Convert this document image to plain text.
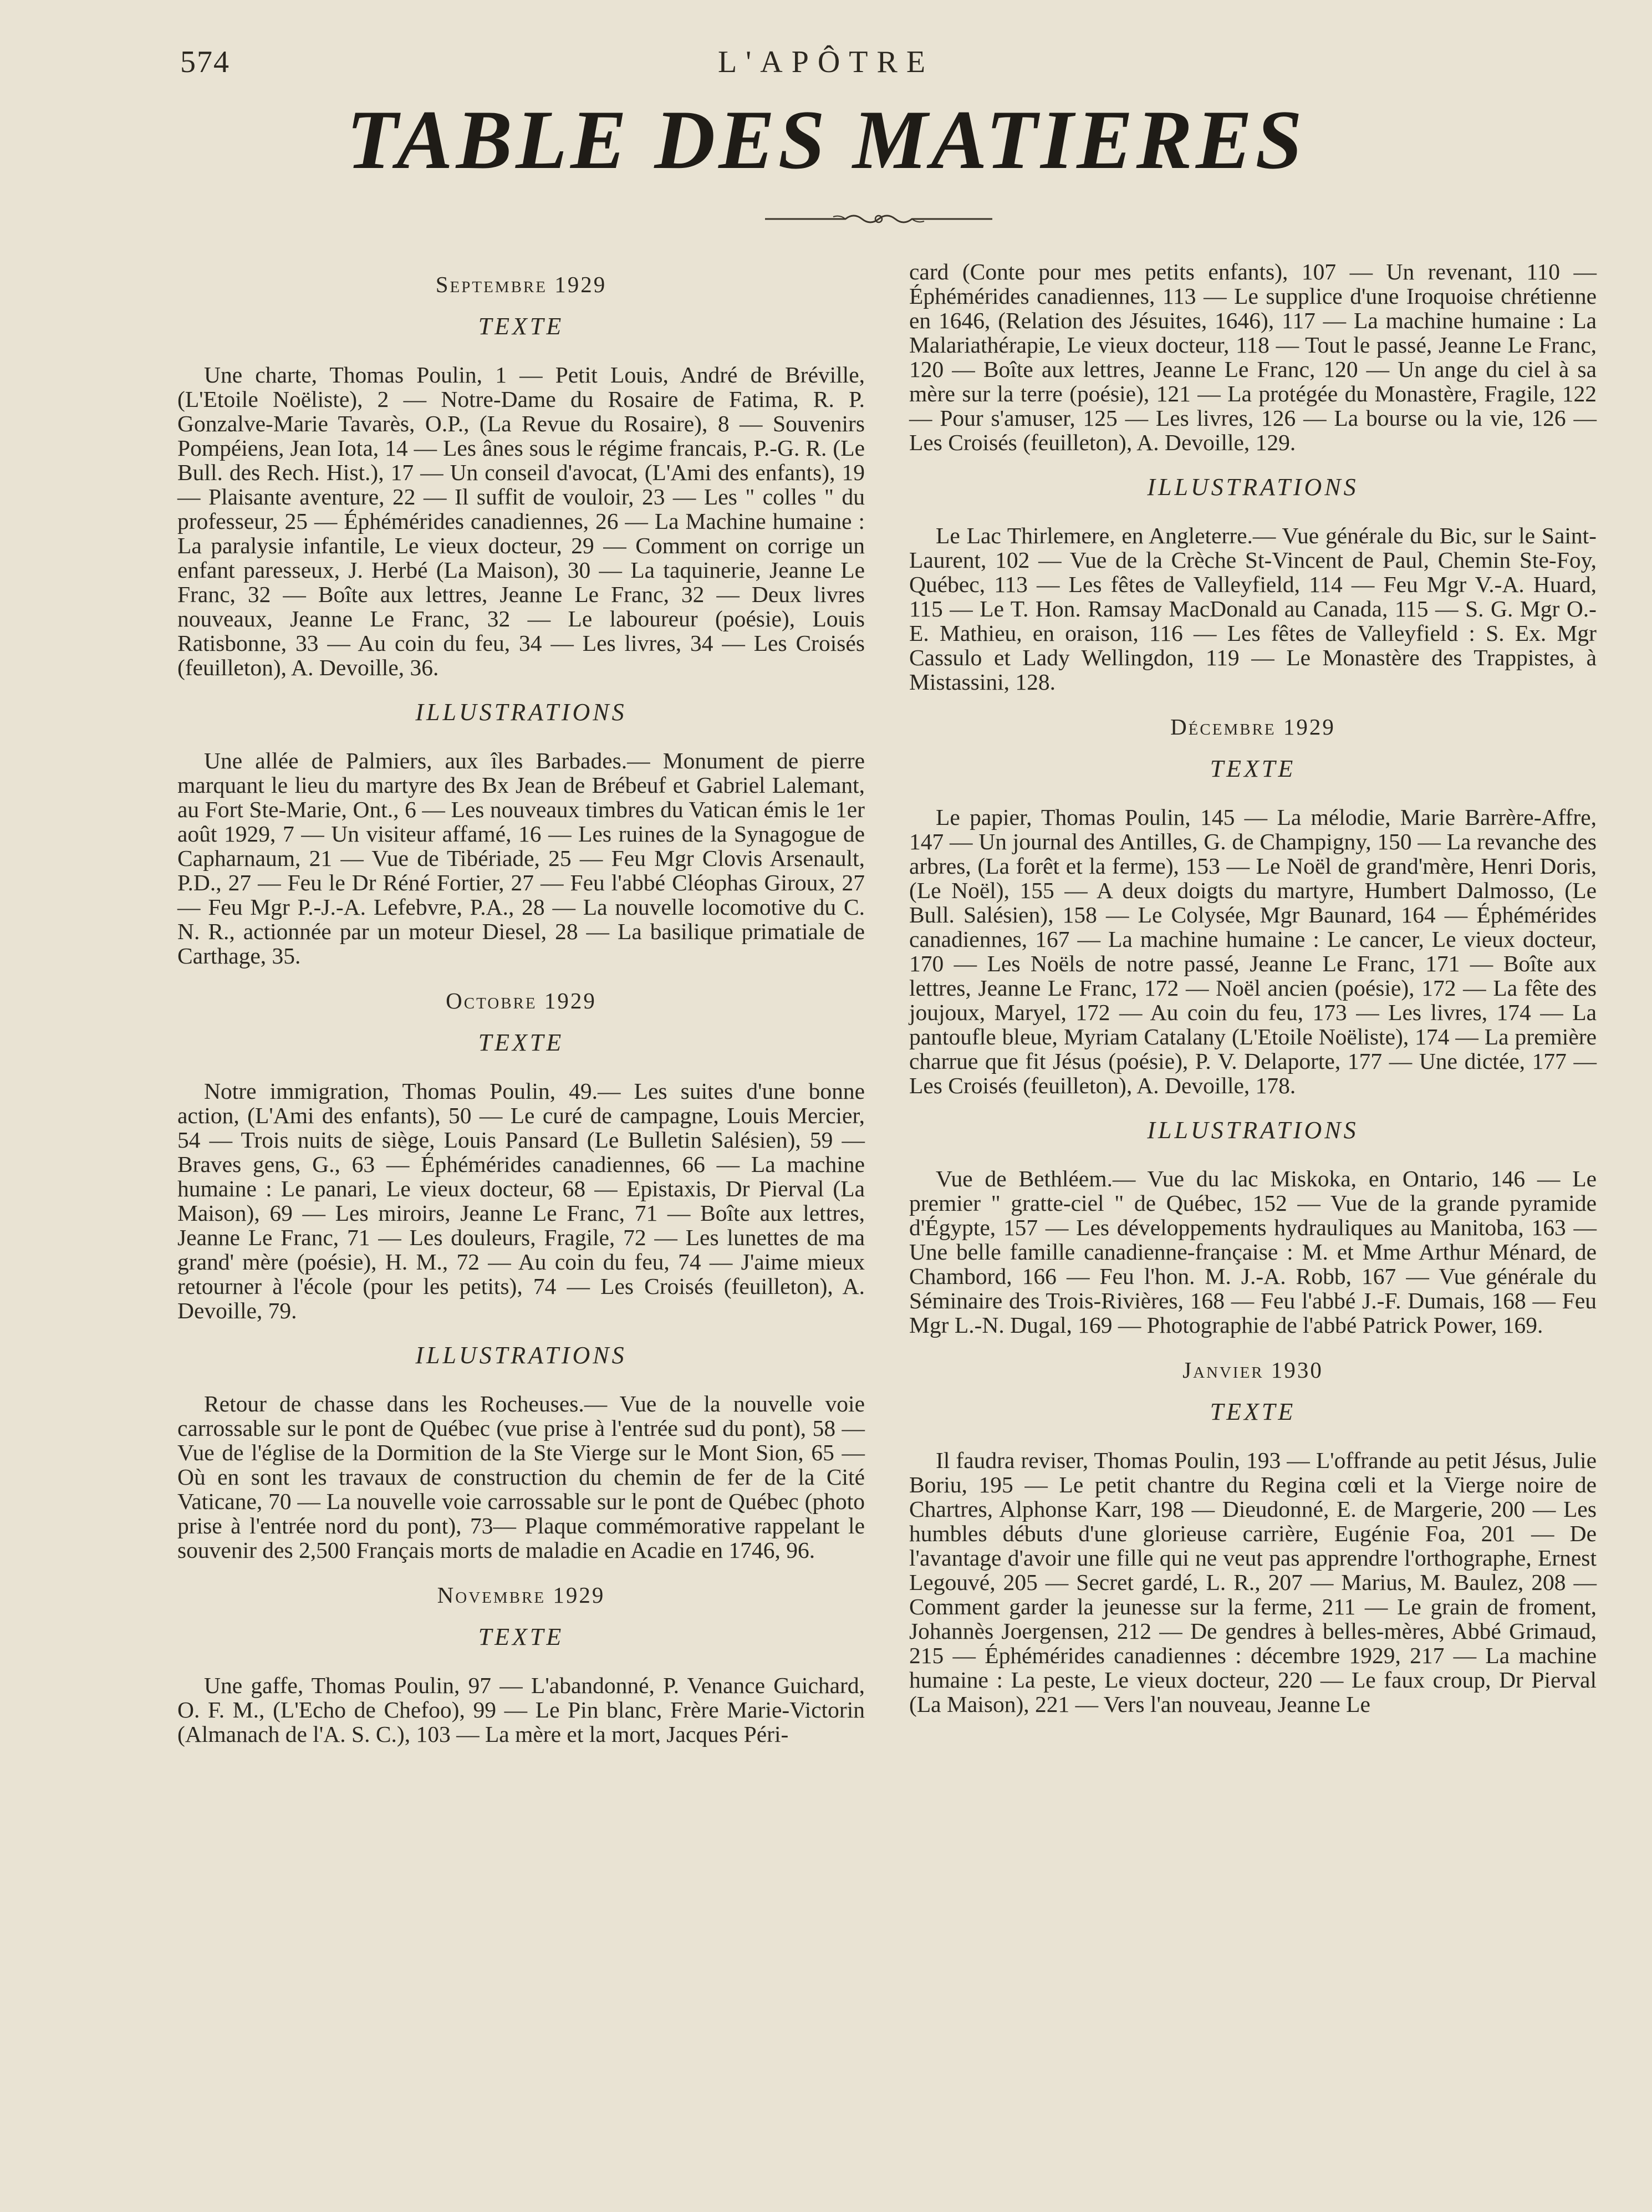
574	L'APÔTRE
TABLE DES MATIERES
Septembre 1929
TEXTE

Une charte, Thomas Poulin, 1 — Petit Louis, André de Bréville, (L'Etoile Noëliste), 2 — Notre-Dame du Rosaire de Fatima, R. P. Gonzalve-Marie Tavarès, O.P., (La Revue du Rosaire), 8 — Souvenirs Pompéiens, Jean Iota, 14 — Les ânes sous le régime francais, P.-G. R. (Le Bull. des Rech. Hist.), 17 — Un conseil d'avocat, (L'Ami des enfants), 19 — Plaisante aventure, 22 — Il suffit de vouloir, 23 — Les " colles " du professeur, 25 — Éphémérides canadiennes, 26 — La Machine humaine : La paralysie infantile, Le vieux docteur, 29 — Comment on corrige un enfant paresseux, J. Herbé (La Maison), 30 — La taquinerie, Jeanne Le Franc, 32 — Boîte aux lettres, Jeanne Le Franc, 32 — Deux livres nouveaux, Jeanne Le Franc, 32 — Le laboureur (poésie), Louis Ratisbonne, 33 — Au coin du feu, 34 — Les livres, 34 — Les Croisés (feuilleton), A. Devoille, 36.

ILLUSTRATIONS

Une allée de Palmiers, aux îles Barbades.— Monument de pierre marquant le lieu du martyre des Bx Jean de Brébeuf et Gabriel Lalemant, au Fort Ste-Marie, Ont., 6 — Les nouveaux timbres du Vatican émis le 1er août 1929, 7 — Un visiteur affamé, 16 — Les ruines de la Synagogue de Capharnaum, 21 — Vue de Tibériade, 25 — Feu Mgr Clovis Arsenault, P.D., 27 — Feu le Dr Réné Fortier, 27 — Feu l'abbé Cléophas Giroux, 27 — Feu Mgr P.-J.-A. Lefebvre, P.A., 28 — La nouvelle locomotive du C. N. R., actionnée par un moteur Diesel, 28 — La basilique primatiale de Carthage, 35.

Octobre 1929
TEXTE

Notre immigration, Thomas Poulin, 49.— Les suites d'une bonne action, (L'Ami des enfants), 50 — Le curé de campagne, Louis Mercier, 54 — Trois nuits de siège, Louis Pansard (Le Bulletin Salésien), 59 — Braves gens, G., 63 — Éphémérides canadiennes, 66 — La machine humaine : Le panari, Le vieux docteur, 68 — Epistaxis, Dr Pierval (La Maison), 69 — Les miroirs, Jeanne Le Franc, 71 — Boîte aux lettres, Jeanne Le Franc, 71 — Les douleurs, Fragile, 72 — Les lunettes de ma grand' mère (poésie), H. M., 72 — Au coin du feu, 74 — J'aime mieux retourner à l'école (pour les petits), 74 — Les Croisés (feuilleton), A. Devoille, 79.

ILLUSTRATIONS

Retour de chasse dans les Rocheuses.— Vue de la nouvelle voie carrossable sur le pont de Québec (vue prise à l'entrée sud du pont), 58 — Vue de l'église de la Dormition de la Ste Vierge sur le Mont Sion, 65 — Où en sont les travaux de construction du chemin de fer de la Cité Vaticane, 70 — La nouvelle voie carrossable sur le pont de Québec (photo prise à l'entrée nord du pont), 73— Plaque commémorative rappelant le souvenir des 2,500 Français morts de maladie en Acadie en 1746, 96.

Novembre 1929
TEXTE

Une gaffe, Thomas Poulin, 97 — L'abandonné, P. Venance Guichard, O. F. M., (L'Echo de Chefoo), 99 — Le Pin blanc, Frère Marie-Victorin (Almanach de l'A. S. C.), 103 — La mère et la mort, Jacques Péri-

card (Conte pour mes petits enfants), 107 — Un revenant, 110 — Éphémérides canadiennes, 113 — Le supplice d'une Iroquoise chrétienne en 1646, (Relation des Jésuites, 1646), 117 — La machine humaine : La Malariathérapie, Le vieux docteur, 118 — Tout le passé, Jeanne Le Franc, 120 — Boîte aux lettres, Jeanne Le Franc, 120 — Un ange du ciel à sa mère sur la terre (poésie), 121 — La protégée du Monastère, Fragile, 122 — Pour s'amuser, 125 — Les livres, 126 — La bourse ou la vie, 126 — Les Croisés (feuilleton), A. Devoille, 129.

ILLUSTRATIONS

Le Lac Thirlemere, en Angleterre.— Vue générale du Bic, sur le Saint-Laurent, 102 — Vue de la Crèche St-Vincent de Paul, Chemin Ste-Foy, Québec, 113 — Les fêtes de Valleyfield, 114 — Feu Mgr V.-A. Huard, 115 — Le T. Hon. Ramsay MacDonald au Canada, 115 — S. G. Mgr O.-E. Mathieu, en oraison, 116 — Les fêtes de Valleyfield : S. Ex. Mgr Cassulo et Lady Wellingdon, 119 — Le Monastère des Trappistes, à Mistassini, 128.

Décembre 1929
TEXTE

Le papier, Thomas Poulin, 145 — La mélodie, Marie Barrère-Affre, 147 — Un journal des Antilles, G. de Champigny, 150 — La revanche des arbres, (La forêt et la ferme), 153 — Le Noël de grand'mère, Henri Doris, (Le Noël), 155 — A deux doigts du martyre, Humbert Dalmosso, (Le Bull. Salésien), 158 — Le Colysée, Mgr Baunard, 164 — Éphémérides canadiennes, 167 — La machine humaine : Le cancer, Le vieux docteur, 170 — Les Noëls de notre passé, Jeanne Le Franc, 171 — Boîte aux lettres, Jeanne Le Franc, 172 — Noël ancien (poésie), 172 — La fête des joujoux, Maryel, 172 — Au coin du feu, 173 — Les livres, 174 — La pantoufle bleue, Myriam Catalany (L'Etoile Noëliste), 174 — La première charrue que fit Jésus (poésie), P. V. Delaporte, 177 — Une dictée, 177 — Les Croisés (feuilleton), A. Devoille, 178.

ILLUSTRATIONS

Vue de Bethléem.— Vue du lac Miskoka, en Ontario, 146 — Le premier " gratte-ciel " de Québec, 152 — Vue de la grande pyramide d'Égypte, 157 — Les développements hydrauliques au Manitoba, 163 — Une belle famille canadienne-française : M. et Mme Arthur Ménard, de Chambord, 166 — Feu l'hon. M. J.-A. Robb, 167 — Vue générale du Séminaire des Trois-Rivières, 168 — Feu l'abbé J.-F. Dumais, 168 — Feu Mgr L.-N. Dugal, 169 — Photographie de l'abbé Patrick Power, 169.

Janvier 1930
TEXTE

Il faudra reviser, Thomas Poulin, 193 — L'offrande au petit Jésus, Julie Boriu, 195 — Le petit chantre du Regina cœli et la Vierge noire de Chartres, Alphonse Karr, 198 — Dieudonné, E. de Margerie, 200 — Les humbles débuts d'une glorieuse carrière, Eugénie Foa, 201 — De l'avantage d'avoir une fille qui ne veut pas apprendre l'orthographe, Ernest Legouvé, 205 — Secret gardé, L. R., 207 — Marius, M. Baulez, 208 — Comment garder la jeunesse sur la ferme, 211 — Le grain de froment, Johannès Joergensen, 212 — De gendres à belles-mères, Abbé Grimaud, 215 — Éphémérides canadiennes : décembre 1929, 217 — La machine humaine : La peste, Le vieux docteur, 220 — Le faux croup, Dr Pierval (La Maison), 221 — Vers l'an nouveau, Jeanne Le
